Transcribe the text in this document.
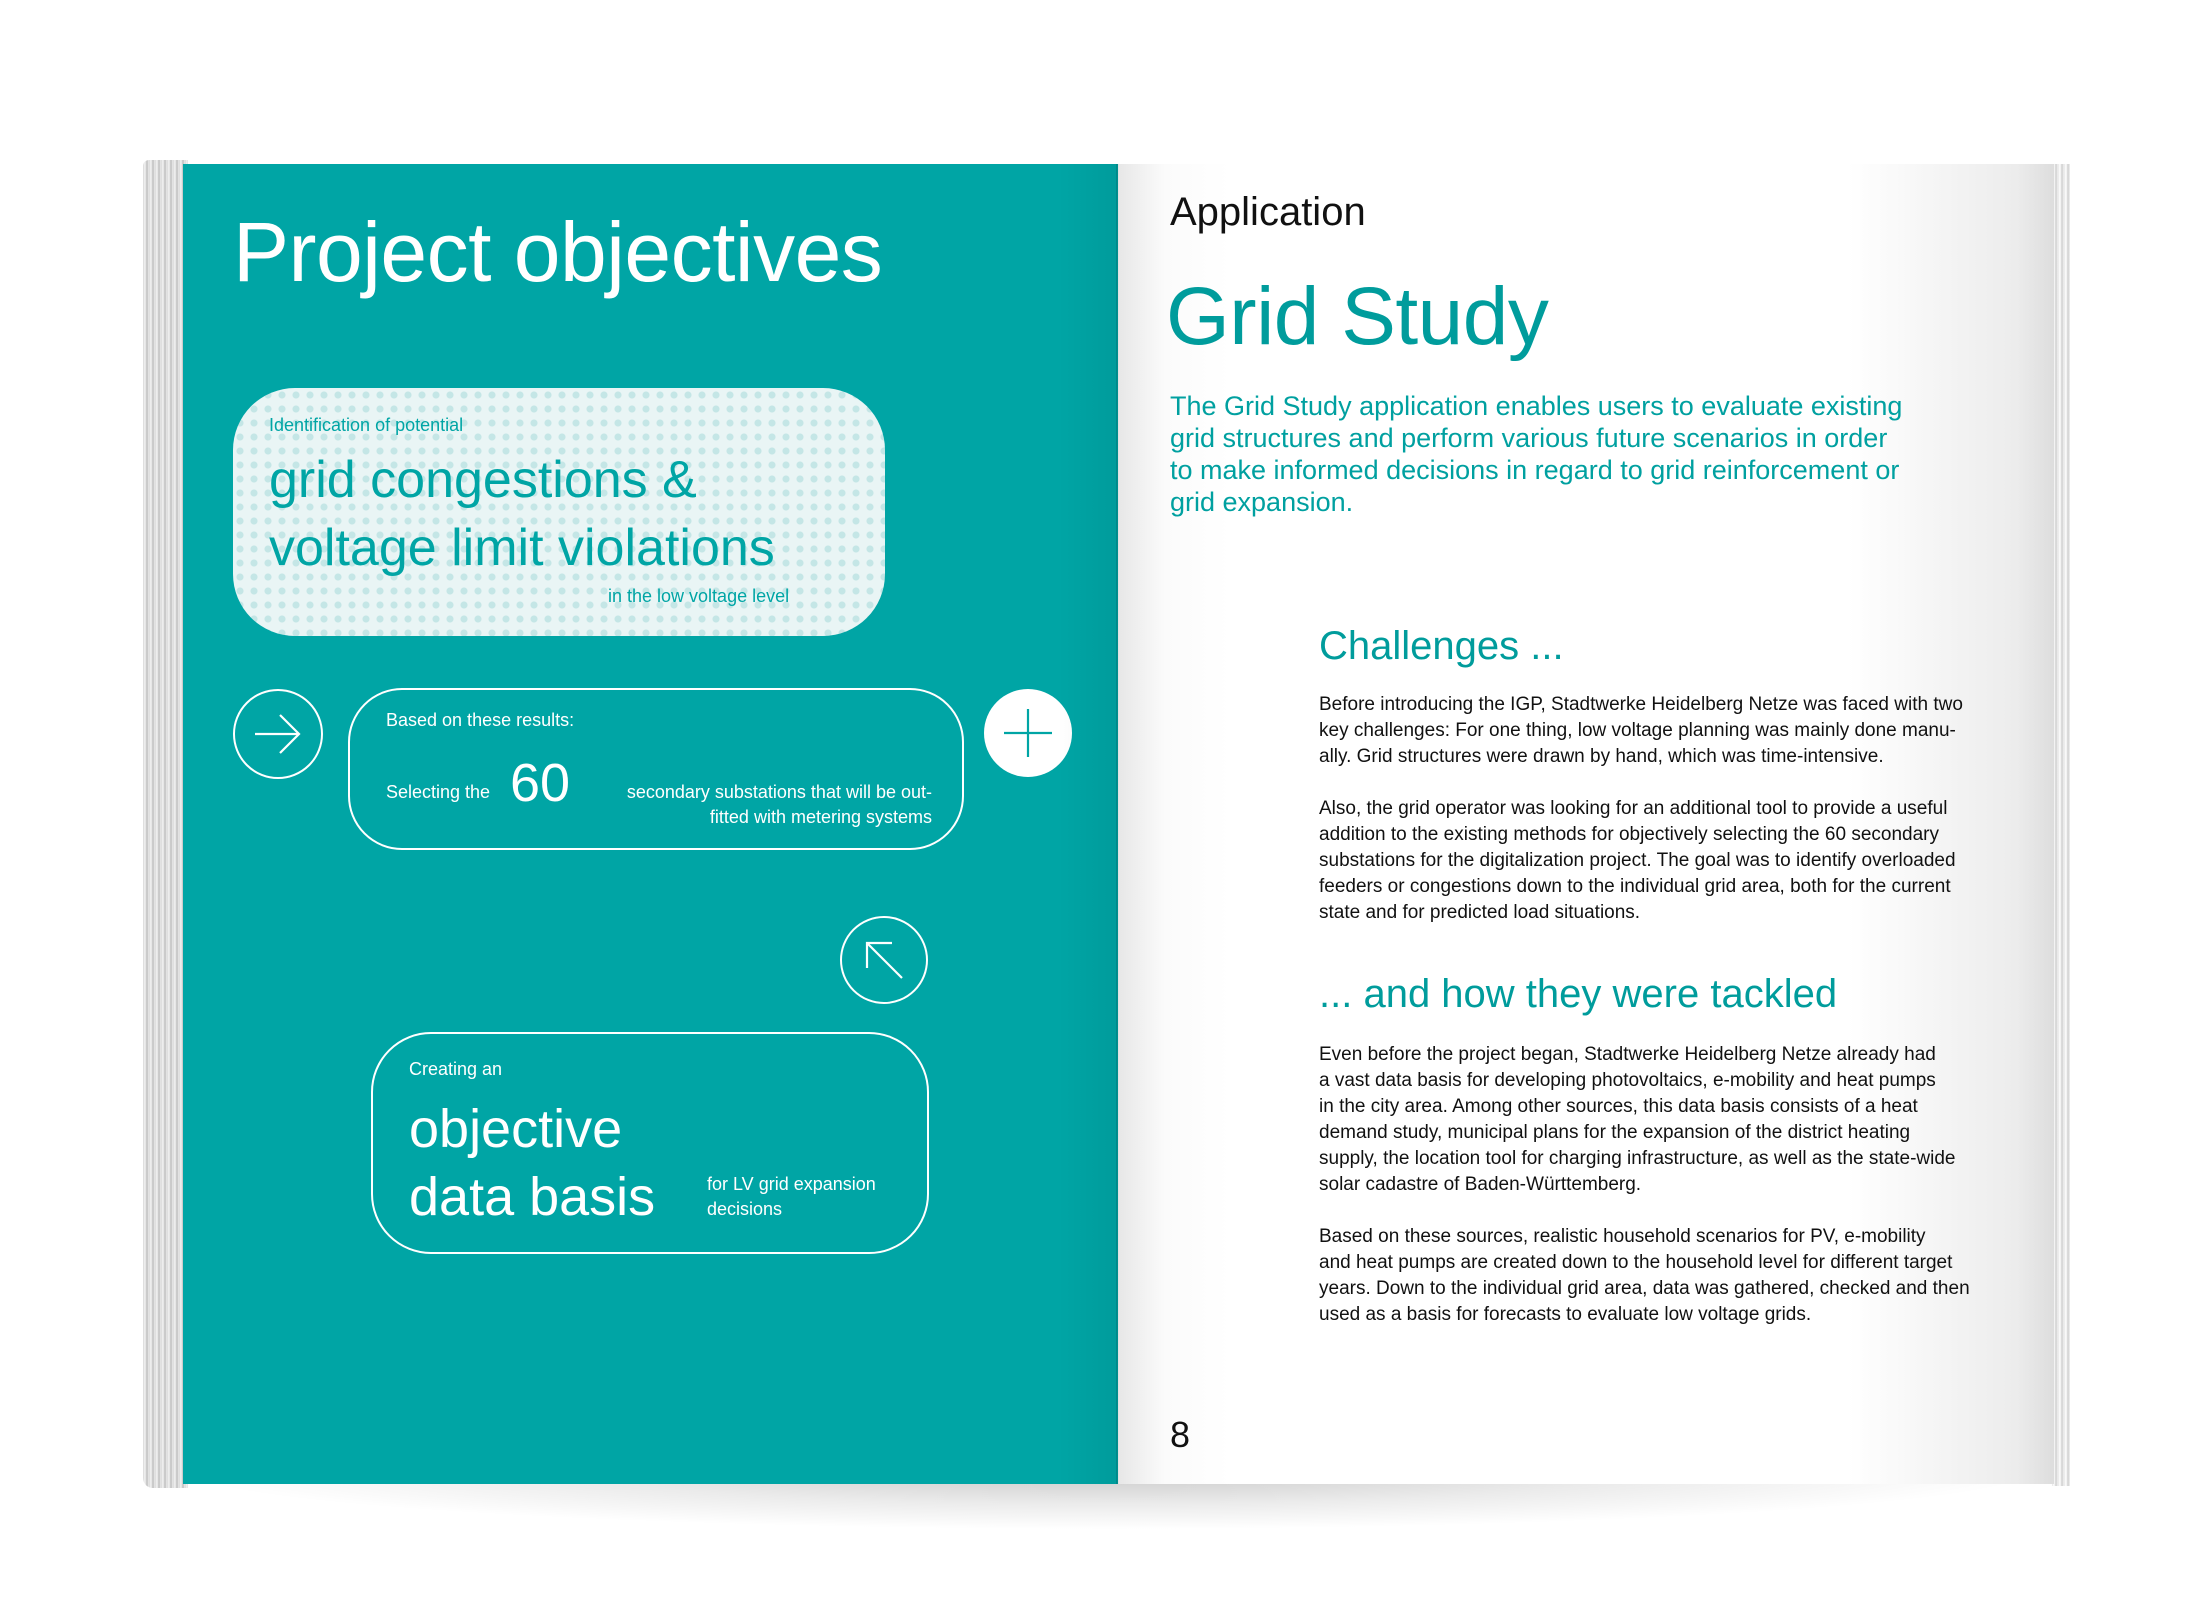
Project objectives
Identification of potential
grid congestions &
voltage limit violations
in the low voltage level
Based on these results:
Selecting the 60	secondary substations that will be out-
fitted with metering systems
Creating an
objective
data basis	for LV grid expansion
decisions
Application
Grid Study
The Grid Study application enables users to evaluate existing
grid structures and perform various future scenarios in order
to make informed decisions in regard to grid reinforcement or
grid expansion.
Challenges ...
Before introducing the IGP, Stadtwerke Heidelberg Netze was faced with two
key challenges: For one thing, low voltage planning was mainly done manu-
ally. Grid structures were drawn by hand, which was time-intensive.
Also, the grid operator was looking for an additional tool to provide a useful
addition to the existing methods for objectively selecting the 60 secondary
substations for the digitalization project. The goal was to identify overloaded
feeders or congestions down to the individual grid area, both for the current
state and for predicted load situations.
... and how they were tackled
Even before the project began, Stadtwerke Heidelberg Netze already had
a vast data basis for developing photovoltaics, e-mobility and heat pumps
in the city area. Among other sources, this data basis consists of a heat
demand study, municipal plans for the expansion of the district heating
supply, the location tool for charging infrastructure, as well as the state-wide
solar cadastre of Baden-Württemberg.
Based on these sources, realistic household scenarios for PV, e-mobility
and heat pumps are created down to the household level for different target
years. Down to the individual grid area, data was gathered, checked and then
used as a basis for forecasts to evaluate low voltage grids.
8
